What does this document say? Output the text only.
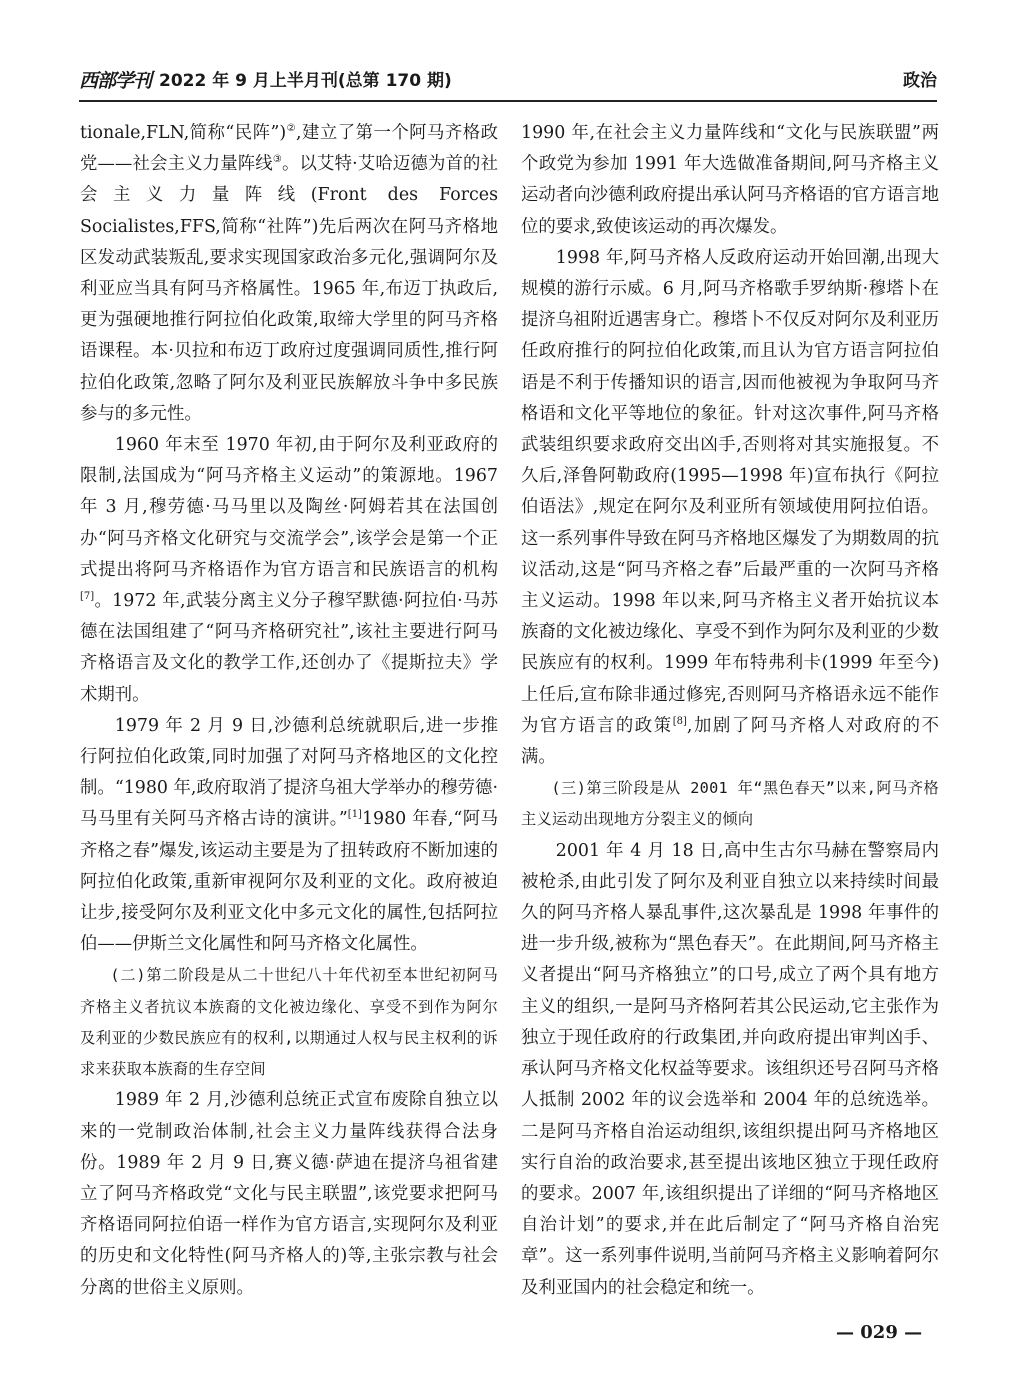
西部学刊 2022 年 9 月上半月刊(总第 170 期)	政治

tionale,FLN,简称“民阵”)②,建立了第一个阿马齐格政党——社会主义力量阵线③。以艾特·艾哈迈德为首的社会主义力量阵线(Front des Forces Socialistes,FFS,简称“社阵”)先后两次在阿马齐格地区发动武装叛乱,要求实现国家政治多元化,强调阿尔及利亚应当具有阿马齐格属性。1965 年,布迈丁执政后,更为强硬地推行阿拉伯化政策,取缔大学里的阿马齐格语课程。本·贝拉和布迈丁政府过度强调同质性,推行阿拉伯化政策,忽略了阿尔及利亚民族解放斗争中多民族参与的多元性。

1960 年末至 1970 年初,由于阿尔及利亚政府的限制,法国成为“阿马齐格主义运动”的策源地。1967 年 3 月,穆劳德·马马里以及陶丝·阿姆若其在法国创办“阿马齐格文化研究与交流学会”,该学会是第一个正式提出将阿马齐格语作为官方语言和民族语言的机构[7]。1972 年,武装分离主义分子穆罕默德·阿拉伯·马苏德在法国组建了“阿马齐格研究社”,该社主要进行阿马齐格语言及文化的教学工作,还创办了《提斯拉夫》学术期刊。

1979 年 2 月 9 日,沙德利总统就职后,进一步推行阿拉伯化政策,同时加强了对阿马齐格地区的文化控制。“1980 年,政府取消了提济乌祖大学举办的穆劳德·马马里有关阿马齐格古诗的演讲。”[1]1980 年春,“阿马齐格之春”爆发,该运动主要是为了扭转政府不断加速的阿拉伯化政策,重新审视阿尔及利亚的文化。政府被迫让步,接受阿尔及利亚文化中多元文化的属性,包括阿拉伯——伊斯兰文化属性和阿马齐格文化属性。

(二)第二阶段是从二十世纪八十年代初至本世纪初阿马齐格主义者抗议本族裔的文化被边缘化、享受不到作为阿尔及利亚的少数民族应有的权利,以期通过人权与民主权利的诉求来获取本族裔的生存空间

1989 年 2 月,沙德利总统正式宣布废除自独立以来的一党制政治体制,社会主义力量阵线获得合法身份。1989 年 2 月 9 日,赛义德·萨迪在提济乌祖省建立了阿马齐格政党“文化与民主联盟”,该党要求把阿马齐格语同阿拉伯语一样作为官方语言,实现阿尔及利亚的历史和文化特性(阿马齐格人的)等,主张宗教与社会分离的世俗主义原则。

1990 年,在社会主义力量阵线和“文化与民族联盟”两个政党为参加 1991 年大选做准备期间,阿马齐格主义运动者向沙德利政府提出承认阿马齐格语的官方语言地位的要求,致使该运动的再次爆发。

1998 年,阿马齐格人反政府运动开始回潮,出现大规模的游行示威。6 月,阿马齐格歌手罗纳斯·穆塔卜在提济乌祖附近遇害身亡。穆塔卜不仅反对阿尔及利亚历任政府推行的阿拉伯化政策,而且认为官方语言阿拉伯语是不利于传播知识的语言,因而他被视为争取阿马齐格语和文化平等地位的象征。针对这次事件,阿马齐格武装组织要求政府交出凶手,否则将对其实施报复。不久后,泽鲁阿勒政府(1995—1998 年)宣布执行《阿拉伯语法》,规定在阿尔及利亚所有领域使用阿拉伯语。这一系列事件导致在阿马齐格地区爆发了为期数周的抗议活动,这是“阿马齐格之春”后最严重的一次阿马齐格主义运动。1998 年以来,阿马齐格主义者开始抗议本族裔的文化被边缘化、享受不到作为阿尔及利亚的少数民族应有的权利。1999 年布特弗利卡(1999 年至今)上任后,宣布除非通过修宪,否则阿马齐格语永远不能作为官方语言的政策[8],加剧了阿马齐格人对政府的不满。

(三)第三阶段是从 2001 年“黑色春天”以来,阿马齐格主义运动出现地方分裂主义的倾向

2001 年 4 月 18 日,高中生古尔马赫在警察局内被枪杀,由此引发了阿尔及利亚自独立以来持续时间最久的阿马齐格人暴乱事件,这次暴乱是 1998 年事件的进一步升级,被称为“黑色春天”。在此期间,阿马齐格主义者提出“阿马齐格独立”的口号,成立了两个具有地方主义的组织,一是阿马齐格阿若其公民运动,它主张作为独立于现任政府的行政集团,并向政府提出审判凶手、承认阿马齐格文化权益等要求。该组织还号召阿马齐格人抵制 2002 年的议会选举和 2004 年的总统选举。二是阿马齐格自治运动组织,该组织提出阿马齐格地区实行自治的政治要求,甚至提出该地区独立于现任政府的要求。2007 年,该组织提出了详细的“阿马齐格地区自治计划”的要求,并在此后制定了“阿马齐格自治宪章”。这一系列事件说明,当前阿马齐格主义影响着阿尔及利亚国内的社会稳定和统一。

— 029 —
